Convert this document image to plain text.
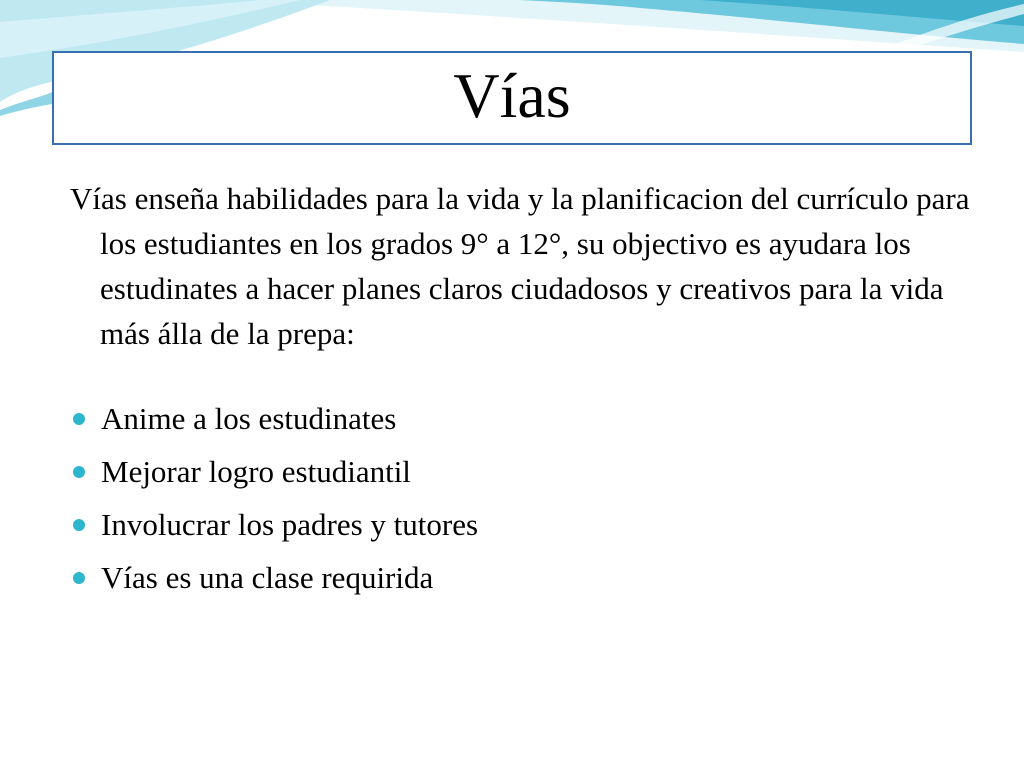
Vías

Vías enseña habilidades para la vida y la planificacion del currículo para los estudiantes en los grados 9° a 12°, su objectivo es ayudara los estudinates a hacer planes claros ciudadosos y creativos para la vida más álla de la prepa:

Anime a los estudinates
Mejorar logro estudiantil
Involucrar los padres y tutores
Vías es una clase requirida
